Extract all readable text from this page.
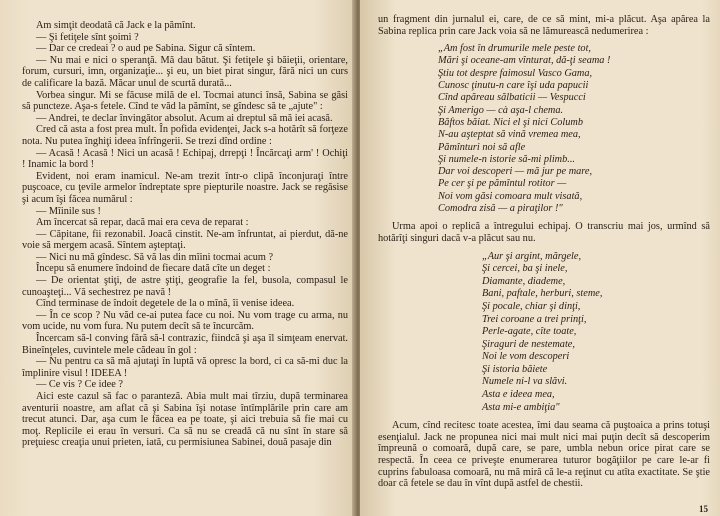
Am simţit deodată că Jack e la pămînt.

— Şi fetiţele sînt şoimi ?

— Dar ce credeai ? o aud pe Sabina. Sigur că sîntem.

— Nu mai e nici o speranţă. Mă dau bătut. Şi fetiţele şi băieţii, orientare, forum, cursuri, imn, organizaţie... şi eu, un biet pirat singur, fără nici un curs de calificare la bază. Măcar unul de scurtă durată...

Vorbea singur. Mi se făcuse milă de el. Tocmai atunci însă, Sabina se găsi să puncteze. Aşa-s fetele. Cînd te văd la pămînt, se gîndesc să te „ajute" :

— Andrei, te declar învingător absolut. Acum ai dreptul să mă iei acasă.

Cred că asta a fost prea mult. În pofida evidenţei, Jack s-a hotărît să forţeze nota. Nu putea înghiţi ideea înfrîngerii. Se trezi dînd ordine :

— Acasă ! Acasă ! Nici un acasă ! Echipaj, drrepţi ! Încărcaţi arm' ! Ochiţi ! Inamic la bord !

Evident, noi eram inamicul. Ne-am trezit într-o clipă înconjuraţi între puşcoace, cu ţevile armelor îndreptate spre piepturile noastre. Jack se regăsise şi acum îşi făcea numărul :

— Mîinile sus !

Am încercat să repar, dacă mai era ceva de reparat :

— Căpitane, fii rezonabil. Joacă cinstit. Ne-am înfruntat, ai pierdut, dă-ne voie să mergem acasă. Sîntem aşteptaţi.

— Nici nu mă gîndesc. Să vă las din mîini tocmai acum ?

Începu să enumere îndoind de fiecare dată cîte un deget :

— De orientat ştiţi, de astre ştiţi, geografie la fel, busola, compasul le cunoaşteţi... Vă sechestrez pe navă !

Cînd terminase de îndoit degetele de la o mînă, îi venise ideea.

— În ce scop ? Nu văd ce-ai putea face cu noi. Nu vom trage cu arma, nu vom ucide, nu vom fura. Nu putem decît să te încurcăm.

Încercam să-l conving fără să-l contrazic, fiindcă şi aşa îl simţeam enervat. Bineînţeles, cuvintele mele cădeau în gol :

— Nu pentru ca să mă ajutaţi în luptă vă opresc la bord, ci ca să-mi duc la împlinire visul ! IDEEA !

— Ce vis ? Ce idee ?

Aici este cazul să fac o paranteză. Abia mult mai tîrziu, după terminarea aventurii noastre, am aflat că şi Sabina îşi notase întîmplările prin care am trecut atunci. Dar, aşa cum le făcea ea pe toate, şi aici trebuia să fie mai cu moţ. Replicile ei erau în versuri. Ca să nu se creadă că nu sînt în stare să preţuiesc creaţia unui prieten, iată, cu permisiunea Sabinei, două pasaje din

un fragment din jurnalul ei, care, de ce să mint, mi-a plăcut. Aşa apărea la Sabina replica prin care Jack voia să ne lămurească nedumerirea :

„Am fost în drumurile mele peste tot,
Mări şi oceane-am vînturat, dă-ţi seama !
Ştiu tot despre faimosul Vasco Gama,
Cunosc ţinutu-n care îşi uda papucii
Cînd apăreau sălbaticii — Vespucci
Şi Amerigo — cà aşa-l chema.
Băftos băiat. Nici el şi nici Columb
N-au aşteptat să vină vremea mea,
Pămînturi noi să afle
Şi numele-n istorie să-mi plimb...
Dar voi descoperi — mă jur pe mare,
Pe cer şi pe pămîntul rotitor —
Noi vom găsi comoara mult visată,
Comodra zisă — a piraţilor !"

Urma apoi o replică a întregului echipaj. O transcriu mai jos, urmînd să hotărîţi singuri dacă v-a plăcut sau nu.

„Aur şi argint, mărgele,
Şi cercei, ba şi inele,
Diamante, diademe,
Bani, paftale, herburi, steme,
Şi pocale, chiar şi dinţi,
Trei coroane a trei prinţi,
Perle-agate, cîte toate,
Şiraguri de nestemate,
Noi le vom descoperi
Şi istoria băiete
Numele ni-l va slăvi.
Asta e ideea mea,
Asta mi-e ambiţia"

Acum, cînd recitesc toate acestea, îmi dau seama că puştoaica a prins totuşi esenţialul. Jack ne propunea nici mai mult nici mai puţin decît să descoperim împreună o comoară, după care, se pare, umbla nebun orice pirat care se respectă. În ceea ce priveşte enumerarea tuturor bogăţiilor pe care le-ar fi cuprins fabuloasa comoară, nu mă miră că le-a reţinut cu atîta exactitate. Se ştie doar că fetele se dau în vînt după astfel de chestii.

15
